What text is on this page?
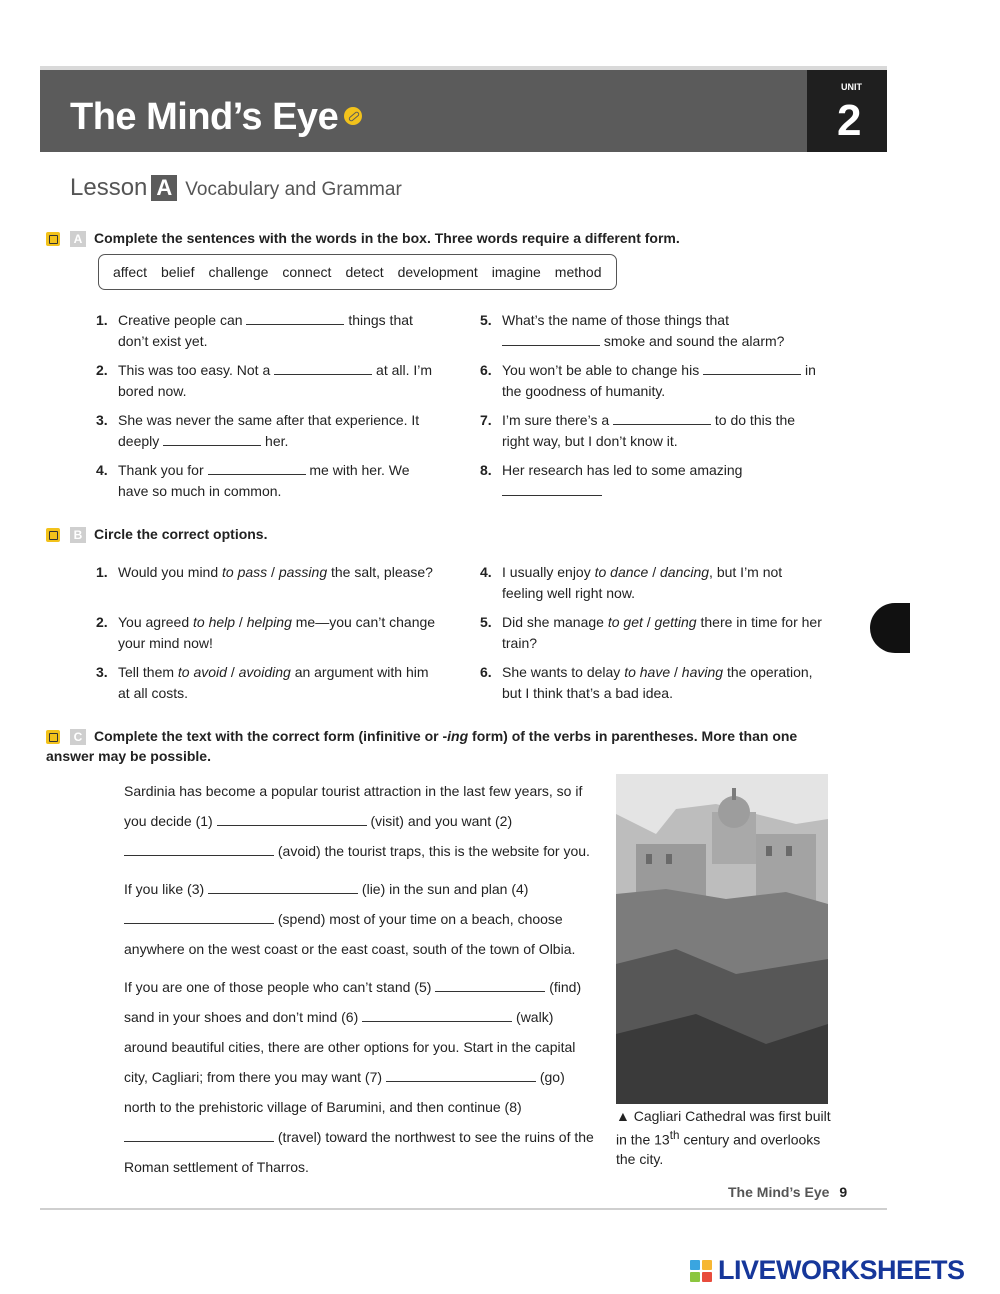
The Mind’s Eye
UNIT
2
Lesson A Vocabulary and Grammar
A Complete the sentences with the words in the box. Three words require a different form.
affect belief challenge connect detect development imagine method
1. Creative people can	things that don’t exist yet.
2. This was too easy. Not a	at all. I’m bored now.
3. She was never the same after that experience. It deeply	her.
4. Thank you for	me with her. We have so much in common.
5. What’s the name of those things that  smoke and sound the alarm?
6. You won’t be able to change his	in the goodness of humanity.
7. I’m sure there’s a	to do this the right way, but I don’t know it.
8. Her research has led to some amazing
B Circle the correct options.
1. Would you mind to pass / passing the salt, please?
2. You agreed to help / helping me—you can’t change your mind now!
3. Tell them to avoid / avoiding an argument with him at all costs.
4. I usually enjoy to dance / dancing, but I’m not feeling well right now.
5. Did she manage to get / getting there in time for her train?
6. She wants to delay to have / having the operation, but I think that’s a bad idea.
C Complete the text with the correct form (infinitive or -ing form) of the verbs in parentheses. More than one answer may be possible.

Sardinia has become a popular tourist attraction in the last few years, so if you decide (1)	(visit) and you want (2)  (avoid) the tourist traps, this is the website for you.

If you like (3)	(lie) in the sun and plan (4)  (spend) most of your time on a beach, choose anywhere on the west coast or the east coast, south of the town of Olbia.

If you are one of those people who can’t stand (5)	(find) sand in your shoes and don’t mind (6)	(walk) around beautiful cities, there are other options for you. Start in the capital city, Cagliari; from there you may want (7)	(go) north to the prehistoric village of Barumini, and then continue (8)  (travel) toward the northwest to see the ruins of the Roman settlement of Tharros.

▲ Cagliari Cathedral was first built in the 13th century and overlooks the city.
The Mind’s Eye 9
LIVEWORKSHEETS
